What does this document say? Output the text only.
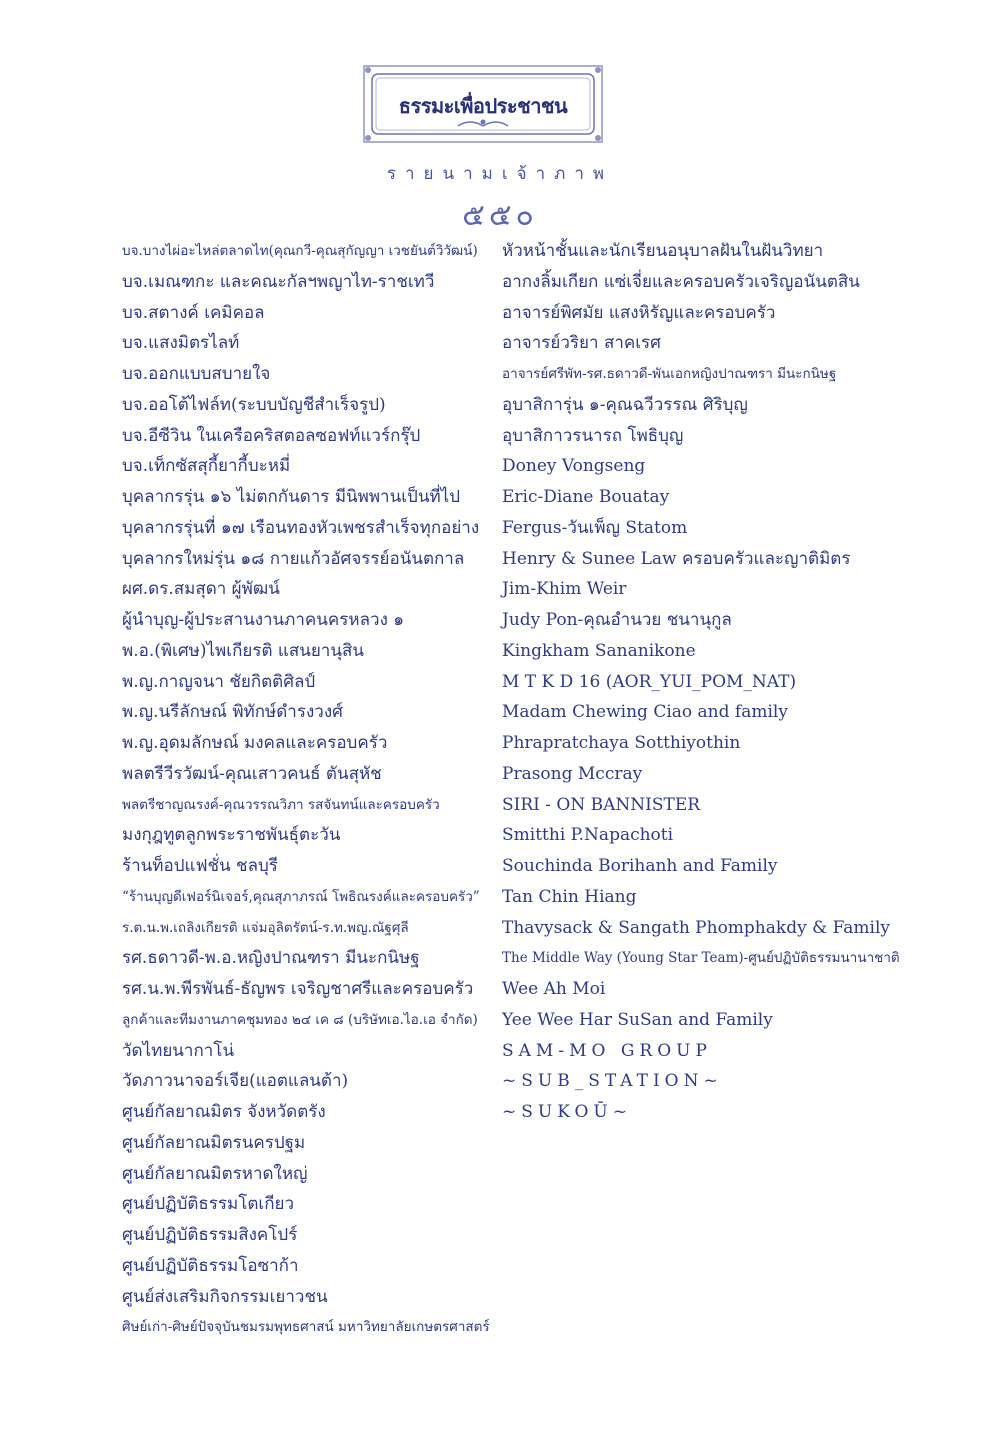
ธรรมะเพื่อประชาชน
รายนามเจ้าภาพ
๕๕๐
บจ.บางไผ่อะไหล่ตลาดไท(คุณกวี-คุณสุกัญญา เวชยันต์วิวัฒน์)
บจ.เมณฑกะ และคณะกัลฯพญาไท-ราชเทวี
บจ.สตางค์ เคมิคอล
บจ.แสงมิตรไลท์
บจ.ออกแบบสบายใจ
บจ.ออโต้ไฟล์ท(ระบบบัญชีสำเร็จรูป)
บจ.อีซีวิน ในเครือคริสตอลซอฟท์แวร์กรุ๊ป
บจ.เท็กซัสสุกี้ยากี้บะหมี่
บุคลากรรุ่น ๑๖ ไม่ตกกันดาร มีนิพพานเป็นที่ไป
บุคลากรรุ่นที่ ๑๗ เรือนทองหัวเพชรสำเร็จทุกอย่าง
บุคลากรใหม่รุ่น ๑๘ กายแก้วอัศจรรย์อนันตกาล
ผศ.ดร.สมสุดา ผู้พัฒน์
ผู้นำบุญ-ผู้ประสานงานภาคนครหลวง ๑
พ.อ.(พิเศษ)ไพเกียรติ แสนยานุสิน
พ.ญ.กาญจนา ชัยกิตติศิลป์
พ.ญ.นรีลักษณ์ พิทักษ์ดำรงวงศ์
พ.ญ.อุดมลักษณ์ มงคลและครอบครัว
พลตรีวีรวัฒน์-คุณเสาวคนธ์ ตันสุหัช
พลตรีชาญณรงค์-คุณวรรณวิภา รสจันทน์และครอบครัว
มงกุฎทูตลูกพระราชพันธุ์ตะวัน
ร้านท็อปแฟชั่น ชลบุรี
“ร้านบุญดีเฟอร์นิเจอร์,คุณสุภาภรณ์ โพธิณรงค์และครอบครัว”
ร.ต.น.พ.เถลิงเกียรติ แจ่มอุลิตรัตน์-ร.ท.พญ.ณัฐศุลี
รศ.ธดาวดี-พ.อ.หญิงปาณฑรา มีนะกนิษฐ
รศ.น.พ.พีรพันธ์-ธัญพร เจริญชาศรีและครอบครัว
ลูกค้าและทีมงานภาคชุมทอง ๒๔ เค ๘ (บริษัทเอ.ไอ.เอ จำกัด)
วัดไทยนากาโน่
วัดภาวนาจอร์เจีย(แอตแลนต้า)
ศูนย์กัลยาณมิตร จังหวัดตรัง
ศูนย์กัลยาณมิตรนครปฐม
ศูนย์กัลยาณมิตรหาดใหญ่
ศูนย์ปฏิบัติธรรมโตเกียว
ศูนย์ปฏิบัติธรรมสิงคโปร์
ศูนย์ปฏิบัติธรรมโอซาก้า
ศูนย์ส่งเสริมกิจกรรมเยาวชน
ศิษย์เก่า-ศิษย์ปัจจุบันชมรมพุทธศาสน์ มหาวิทยาลัยเกษตรศาสตร์
หัวหน้าชั้นและนักเรียนอนุบาลฝันในฝันวิทยา
อากงลิ้มเกียก แซ่เจี่ยและครอบครัวเจริญอนันตสิน
อาจารย์พิศมัย แสงหิรัญและครอบครัว
อาจารย์วริยา สาคเรศ
อาจารย์ศรีพัท-รศ.ธดาวดี-พันเอกหญิงปาณฑรา มีนะกนิษฐ
อุบาสิการุ่น ๑-คุณฉวีวรรณ ศิริบุญ
อุบาสิกาวรนารถ โพธิบุญ
Doney Vongseng
Eric-Diane Bouatay
Fergus-วันเพ็ญ Statom
Henry & Sunee Law ครอบครัวและญาติมิตร
Jim-Khim Weir
Judy Pon-คุณอำนวย ชนานุกูล
Kingkham Sananikone
M T K D 16 (AOR_YUI_POM_NAT)
Madam Chewing Ciao and family
Phrapratchaya Sotthiyothin
Prasong Mccray
SIRI - ON BANNISTER
Smitthi P.Napachoti
Souchinda Borihanh and Family
Tan Chin Hiang
Thavysack & Sangath Phomphakdy & Family
The Middle Way (Young Star Team)-ศูนย์ปฏิบัติธรรมนานาชาติ
Wee Ah Moi
Yee Wee Har SuSan and Family
SAM-MO GROUP
~SUB_STATION~
~SUKOŪ~
